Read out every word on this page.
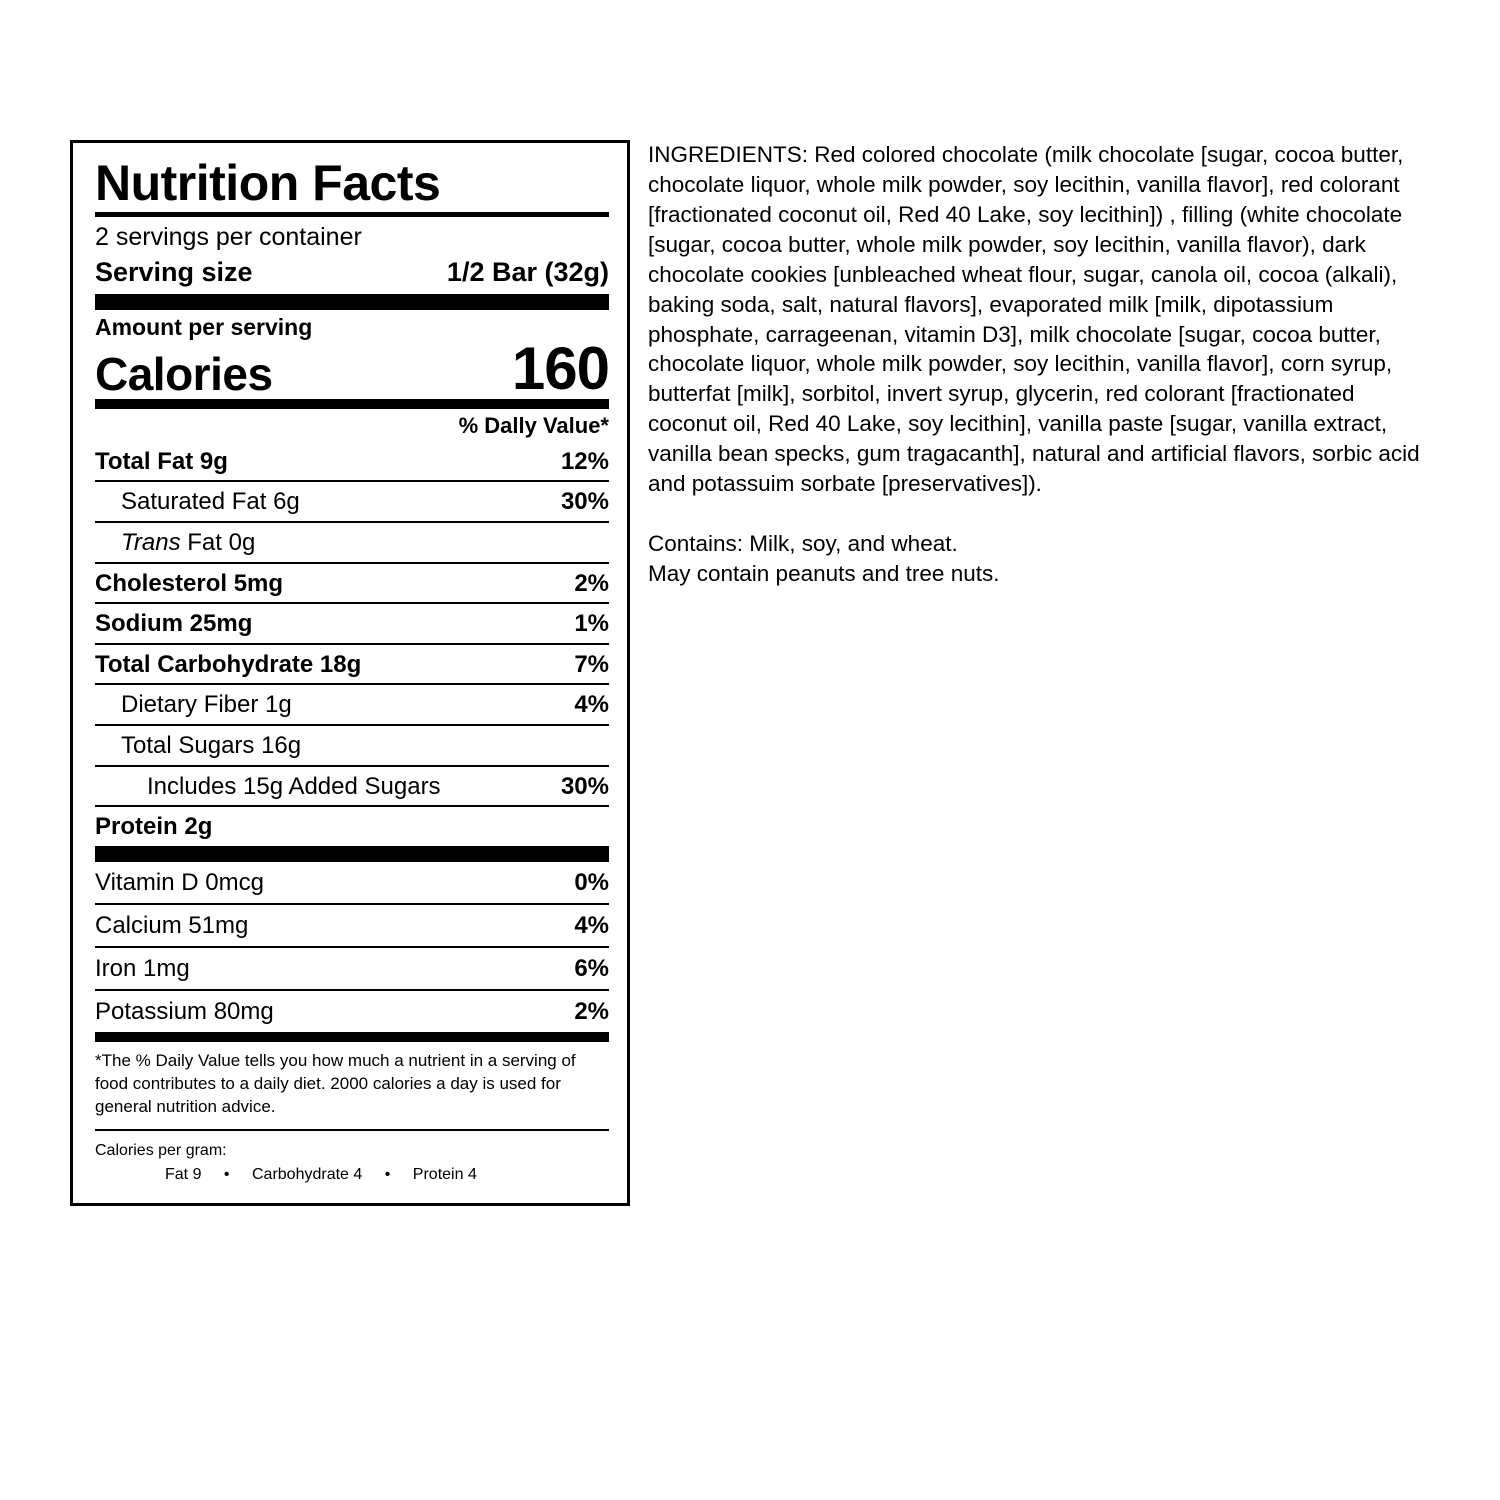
Nutrition Facts
2 servings per container
Serving size	1/2 Bar (32g)
Amount per serving
Calories	160
% Dally Value*
Total Fat 9g	12%
Saturated Fat 6g	30%
Trans Fat 0g
Cholesterol 5mg	2%
Sodium 25mg	1%
Total Carbohydrate 18g	7%
Dietary Fiber 1g	4%
Total Sugars 16g
Includes 15g Added Sugars	30%
Protein 2g
Vitamin D 0mcg	0%
Calcium 51mg	4%
Iron 1mg	6%
Potassium 80mg	2%
*The % Daily Value tells you how much a nutrient in a serving of food contributes to a daily diet. 2000 calories a day is used for general nutrition advice.
Calories per gram:
Fat 9 • Carbohydrate 4 • Protein 4

INGREDIENTS: Red colored chocolate (milk chocolate [sugar, cocoa butter, chocolate liquor, whole milk powder, soy lecithin, vanilla flavor], red colorant [fractionated coconut oil, Red 40 Lake, soy lecithin]) , filling (white chocolate [sugar, cocoa butter, whole milk powder, soy lecithin, vanilla flavor), dark chocolate cookies [unbleached wheat flour, sugar, canola oil, cocoa (alkali), baking soda, salt, natural flavors], evaporated milk [milk, dipotassium phosphate, carrageenan, vitamin D3], milk chocolate [sugar, cocoa butter, chocolate liquor, whole milk powder, soy lecithin, vanilla flavor], corn syrup, butterfat [milk], sorbitol, invert syrup, glycerin, red colorant [fractionated coconut oil, Red 40 Lake, soy lecithin], vanilla paste [sugar, vanilla extract, vanilla bean specks, gum tragacanth], natural and artificial flavors, sorbic acid and potassuim sorbate [preservatives]).

Contains: Milk, soy, and wheat.

May contain peanuts and tree nuts.
